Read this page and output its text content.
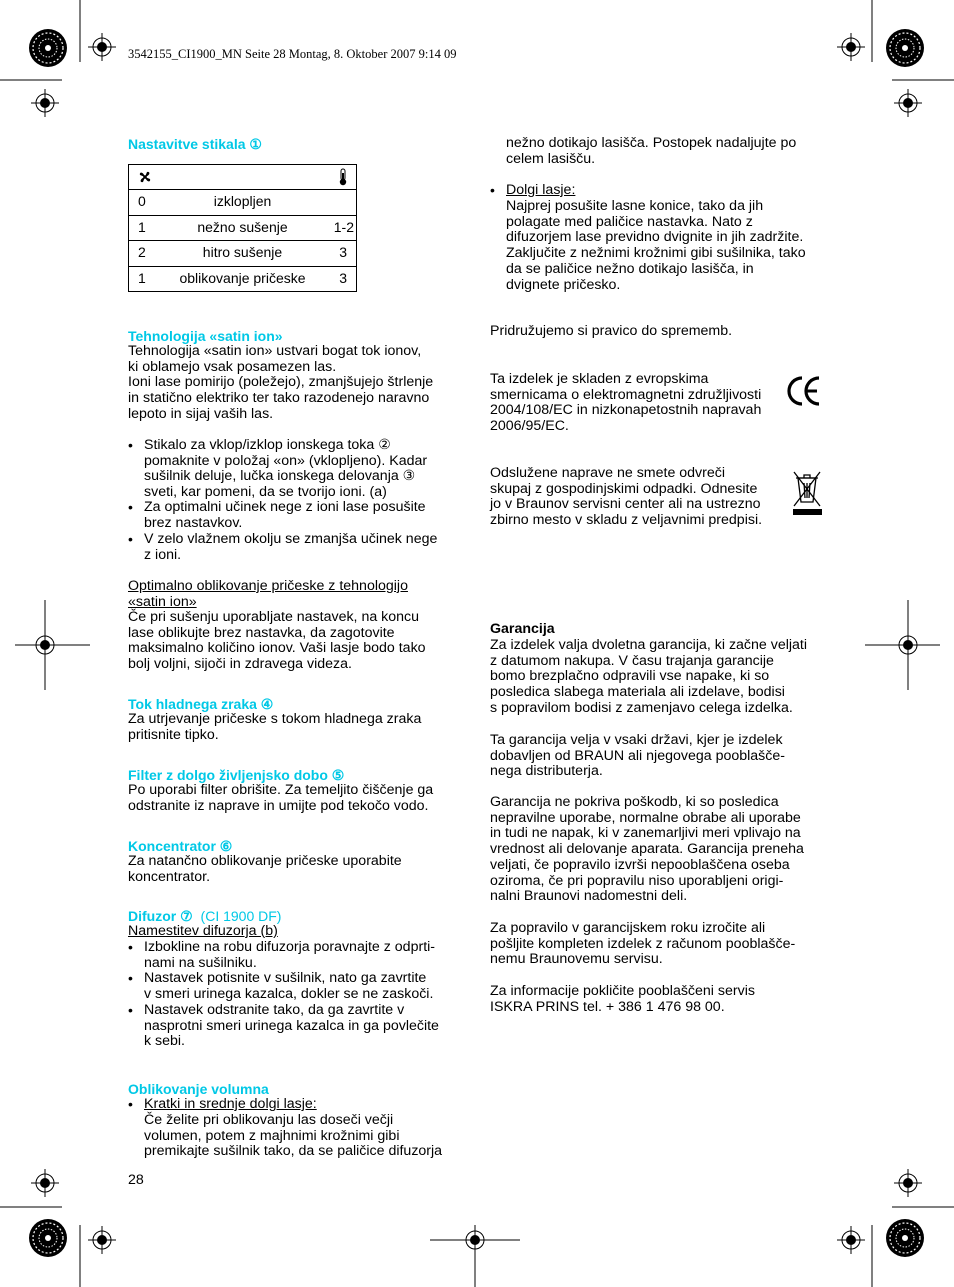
3542155_CI1900_MN Seite 28 Montag, 8. Oktober 2007 9:14 09
Nastavitve stikala ①

0	izklopljen

1	nežno sušenje	1-2

2	hitro sušenje	3

1	oblikovanje pričeske	3
Tehnologija «satin ion»
Tehnologija «satin ion» ustvari bogat tok ionov,
ki oblamejo vsak posamezen las.
Ioni lase pomirijo (poležejo), zmanjšujejo štrlenje
in statično elektriko ter tako razodenejo naravno
lepoto in sijaj vaših las.
• Stikalo za vklop/izklop ionskega toka ②
pomaknite v položaj «on» (vklopljeno). Kadar
sušilnik deluje, lučka ionskega delovanja ③
sveti, kar pomeni, da se tvorijo ioni. (a)
• Za optimalni učinek nege z ioni lase posušite
brez nastavkov.
• V zelo vlažnem okolju se zmanjša učinek nege
z ioni.
Optimalno oblikovanje pričeske z tehnologijo
«satin ion»
Če pri sušenju uporabljate nastavek, na koncu
lase oblikujte brez nastavka, da zagotovite
maksimalno količino ionov. Vaši lasje bodo tako
bolj voljni, sijoči in zdravega videza.
Tok hladnega zraka ④
Za utrjevanje pričeske s tokom hladnega zraka
pritisnite tipko.
Filter z dolgo življenjsko dobo ⑤
Po uporabi filter obrišite. Za temeljito čiščenje ga
odstranite iz naprave in umijte pod tekočo vodo.
Koncentrator ⑥
Za natančno oblikovanje pričeske uporabite
koncentrator.
Difuzor ⑦ (CI 1900 DF)
Namestitev difuzorja (b)
• Izbokline na robu difuzorja poravnajte z odprti-
nami na sušilniku.
• Nastavek potisnite v sušilnik, nato ga zavrtite
v smeri urinega kazalca, dokler se ne zaskoči.
• Nastavek odstranite tako, da ga zavrtite v
nasprotni smeri urinega kazalca in ga povlečite
k sebi.
Oblikovanje volumna
• Kratki in srednje dolgi lasje:
Če želite pri oblikovanju las doseči večji
volumen, potem z majhnimi krožnimi gibi
premikajte sušilnik tako, da se paličice difuzorja
28
nežno dotikajo lasišča. Postopek nadaljujte po
celem lasišču.
• Dolgi lasje:
Najprej posušite lasne konice, tako da jih
polagate med paličice nastavka. Nato z
difuzorjem lase previdno dvignite in jih zadržite.
Zaključite z nežnimi krožnimi gibi sušilnika, tako
da se paličice nežno dotikajo lasišča, in
dvignete pričesko.
Pridružujemo si pravico do sprememb.
Ta izdelek je skladen z evropskima
smernicama o elektromagnetni združljivosti
2004/108/EC in nizkonapetostnih napravah
2006/95/EC.
Odslužene naprave ne smete odvreči
skupaj z gospodinjskimi odpadki. Odnesite
jo v Braunov servisni center ali na ustrezno
zbirno mesto v skladu z veljavnimi predpisi.
Garancija
Za izdelek valja dvoletna garancija, ki začne veljati
z datumom nakupa. V času trajanja garancije
bomo brezplačno odpravili vse napake, ki so
posledica slabega materiala ali izdelave, bodisi
s popravilom bodisi z zamenjavo celega izdelka.
Ta garancija velja v vsaki državi, kjer je izdelek
dobavljen od BRAUN ali njegovega pooblašče-
nega distributerja.
Garancija ne pokriva poškodb, ki so posledica
nepravilne uporabe, normalne obrabe ali uporabe
in tudi ne napak, ki v zanemarljivi meri vplivajo na
vrednost ali delovanje aparata. Garancija preneha
veljati, če popravilo izvrši nepooblaščena oseba
oziroma, če pri popravilu niso uporabljeni origi-
nalni Braunovi nadomestni deli.
Za popravilo v garancijskem roku izročite ali
pošljite kompleten izdelek z računom pooblašče-
nemu Braunovemu servisu.
Za informacije pokličite pooblaščeni servis
ISKRA PRINS tel. + 386 1 476 98 00.
